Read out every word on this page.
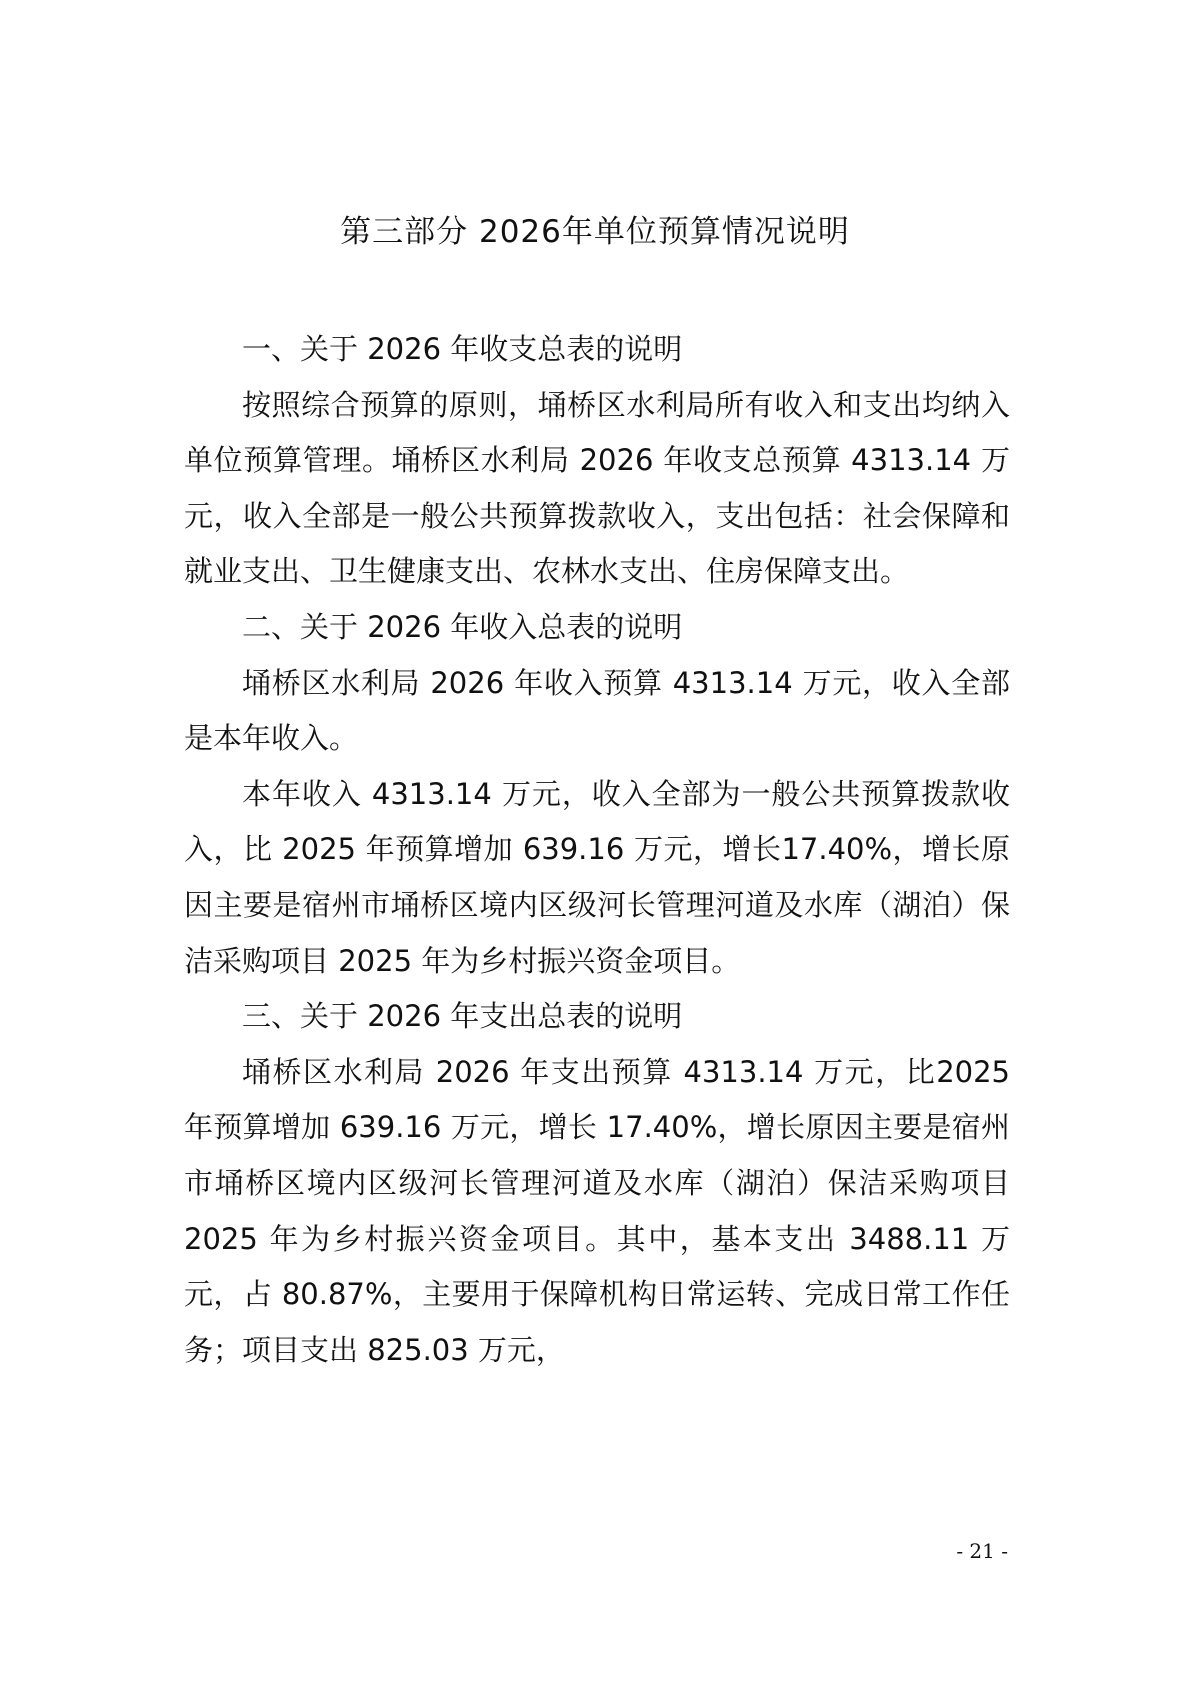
第三部分 2026年单位预算情况说明
一、关于 2026 年收支总表的说明

按照综合预算的原则，埇桥区水利局所有收入和支出均纳入单位预算管理。埇桥区水利局 2026 年收支总预算 4313.14 万元，收入全部是一般公共预算拨款收入，支出包括：社会保障和就业支出、卫生健康支出、农林水支出、住房保障支出。

二、关于 2026 年收入总表的说明

埇桥区水利局 2026 年收入预算 4313.14 万元，收入全部是本年收入。

本年收入 4313.14 万元，收入全部为一般公共预算拨款收入，比 2025 年预算增加 639.16 万元，增长17.40%，增长原因主要是宿州市埇桥区境内区级河长管理河道及水库（湖泊）保洁采购项目 2025 年为乡村振兴资金项目。

三、关于 2026 年支出总表的说明

埇桥区水利局 2026 年支出预算 4313.14 万元，比2025 年预算增加 639.16 万元，增长 17.40%，增长原因主要是宿州市埇桥区境内区级河长管理河道及水库（湖泊）保洁采购项目 2025 年为乡村振兴资金项目。其中，基本支出 3488.11 万元，占 80.87%，主要用于保障机构日常运转、完成日常工作任务；项目支出 825.03 万元，

- 21 -
